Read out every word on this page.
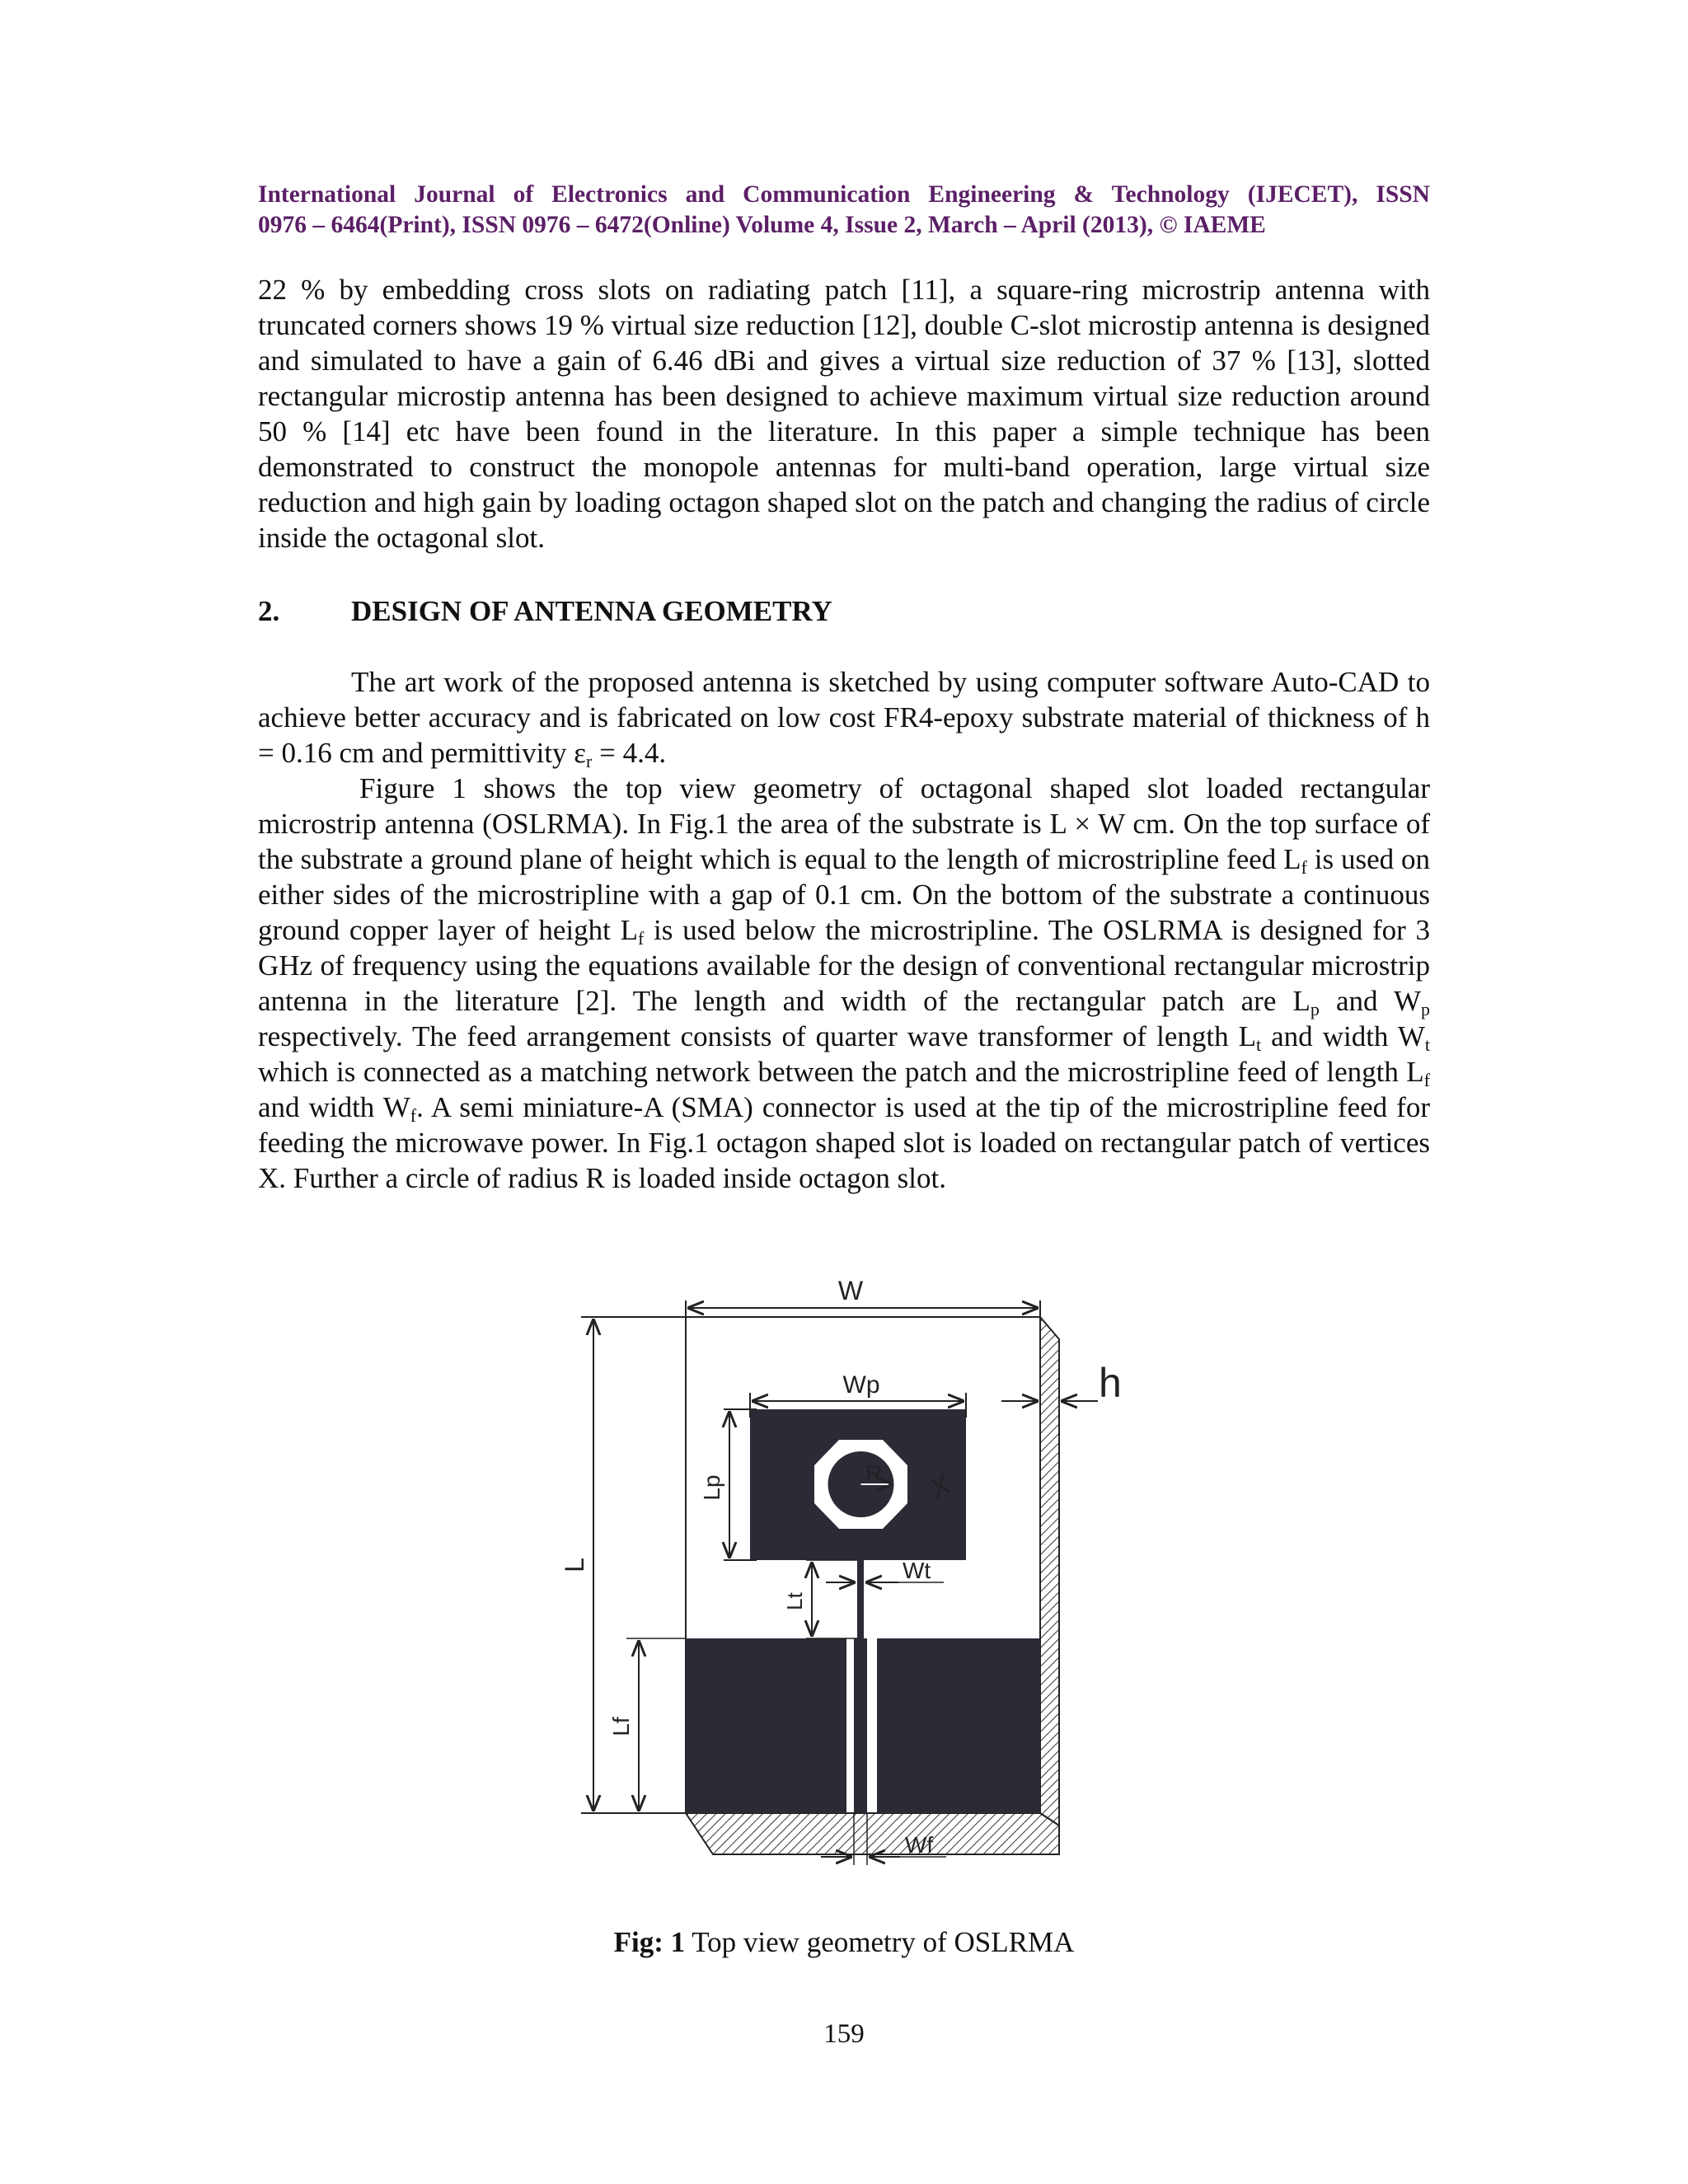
International Journal of Electronics and Communication Engineering & Technology (IJECET), ISSN
0976 – 6464(Print), ISSN 0976 – 6472(Online) Volume 4, Issue 2, March – April (2013), © IAEME

22 % by embedding cross slots on radiating patch [11], a square-ring microstrip antenna with truncated corners shows 19 % virtual size reduction [12], double C-slot microstip antenna is designed and simulated to have a gain of 6.46 dBi and gives a virtual size reduction of 37 % [13], slotted rectangular microstip antenna has been designed to achieve maximum virtual size reduction around 50 % [14] etc have been found in the literature. In this paper a simple technique has been demonstrated to construct the monopole antennas for multi-band operation, large virtual size reduction and high gain by loading octagon shaped slot on the patch and changing the radius of circle inside the octagonal slot.

2. DESIGN OF ANTENNA GEOMETRY

The art work of the proposed antenna is sketched by using computer software Auto-CAD to achieve better accuracy and is fabricated on low cost FR4-epoxy substrate material of thickness of h = 0.16 cm and permittivity $\varepsilon_r = 4.4$.

Figure 1 shows the top view geometry of octagonal shaped slot loaded rectangular microstrip antenna (OSLRMA). In Fig.1 the area of the substrate is L × W cm. On the top surface of the substrate a ground plane of height which is equal to the length of microstripline feed $L_f$ is used on either sides of the microstripline with a gap of 0.1 cm. On the bottom of the substrate a continuous ground copper layer of height $L_f$ is used below the microstripline. The OSLRMA is designed for 3 GHz of frequency using the equations available for the design of conventional rectangular microstrip antenna in the literature [2]. The length and width of the rectangular patch are $L_p$ and $W_p$ respectively. The feed arrangement consists of quarter wave transformer of length $L_t$ and width $W_t$ which is connected as a matching network between the patch and the microstripline feed of length $L_f$ and width $W_f$. A semi miniature-A (SMA) connector is used at the tip of the microstripline feed for feeding the microwave power. In Fig.1 octagon shaped slot is loaded on rectangular patch of vertices X. Further a circle of radius R is loaded inside octagon slot.

R X
W
h
Wp
Lp
L
Lt
Wt
Lf
Wf
Fig: 1 Top view geometry of OSLRMA
159
